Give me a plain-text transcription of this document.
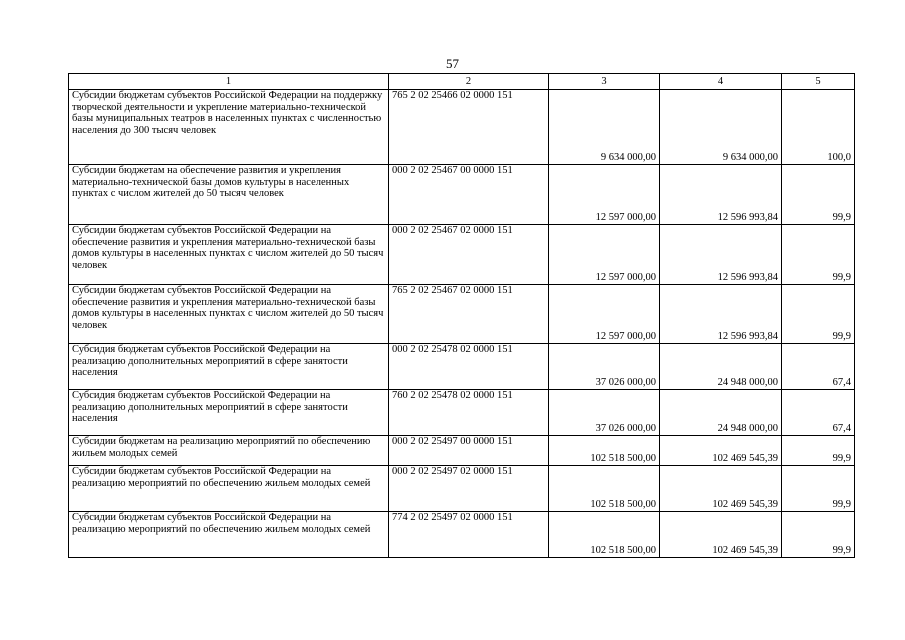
57
1	2	3	4	5
Субсидии бюджетам субъектов Российской Федерации на поддержку творческой деятельности и укрепление материально-технической базы муниципальных театров в населенных пунктах с численностью населения до 300 тысяч человек	765 2 02 25466 02 0000 151	9 634 000,00	9 634 000,00	100,0
Субсидии бюджетам на обеспечение развития и укрепления материально-технической базы домов культуры в населенных пунктах с числом жителей до 50 тысяч человек	000 2 02 25467 00 0000 151	12 597 000,00	12 596 993,84	99,9
Субсидии бюджетам субъектов Российской Федерации на обеспечение развития и укрепления материально-технической базы домов культуры в населенных пунктах с числом жителей до 50 тысяч человек	000 2 02 25467 02 0000 151	12 597 000,00	12 596 993,84	99,9
Субсидии бюджетам субъектов Российской Федерации на обеспечение развития и укрепления материально-технической базы домов культуры в населенных пунктах с числом жителей до 50 тысяч человек	765 2 02 25467 02 0000 151	12 597 000,00	12 596 993,84	99,9
Субсидия бюджетам субъектов Российской Федерации на реализацию дополнительных мероприятий в сфере занятости населения	000 2 02 25478 02 0000 151	37 026 000,00	24 948 000,00	67,4
Субсидия бюджетам субъектов Российской Федерации на реализацию дополнительных мероприятий в сфере занятости населения	760 2 02 25478 02 0000 151	37 026 000,00	24 948 000,00	67,4
Субсидии бюджетам на реализацию мероприятий по обеспечению жильем молодых семей	000 2 02 25497 00 0000 151	102 518 500,00	102 469 545,39	99,9
Субсидии бюджетам субъектов Российской Федерации на реализацию мероприятий по обеспечению жильем молодых семей	000 2 02 25497 02 0000 151	102 518 500,00	102 469 545,39	99,9
Субсидии бюджетам субъектов Российской Федерации на реализацию мероприятий по обеспечению жильем молодых семей	774 2 02 25497 02 0000 151	102 518 500,00	102 469 545,39	99,9
